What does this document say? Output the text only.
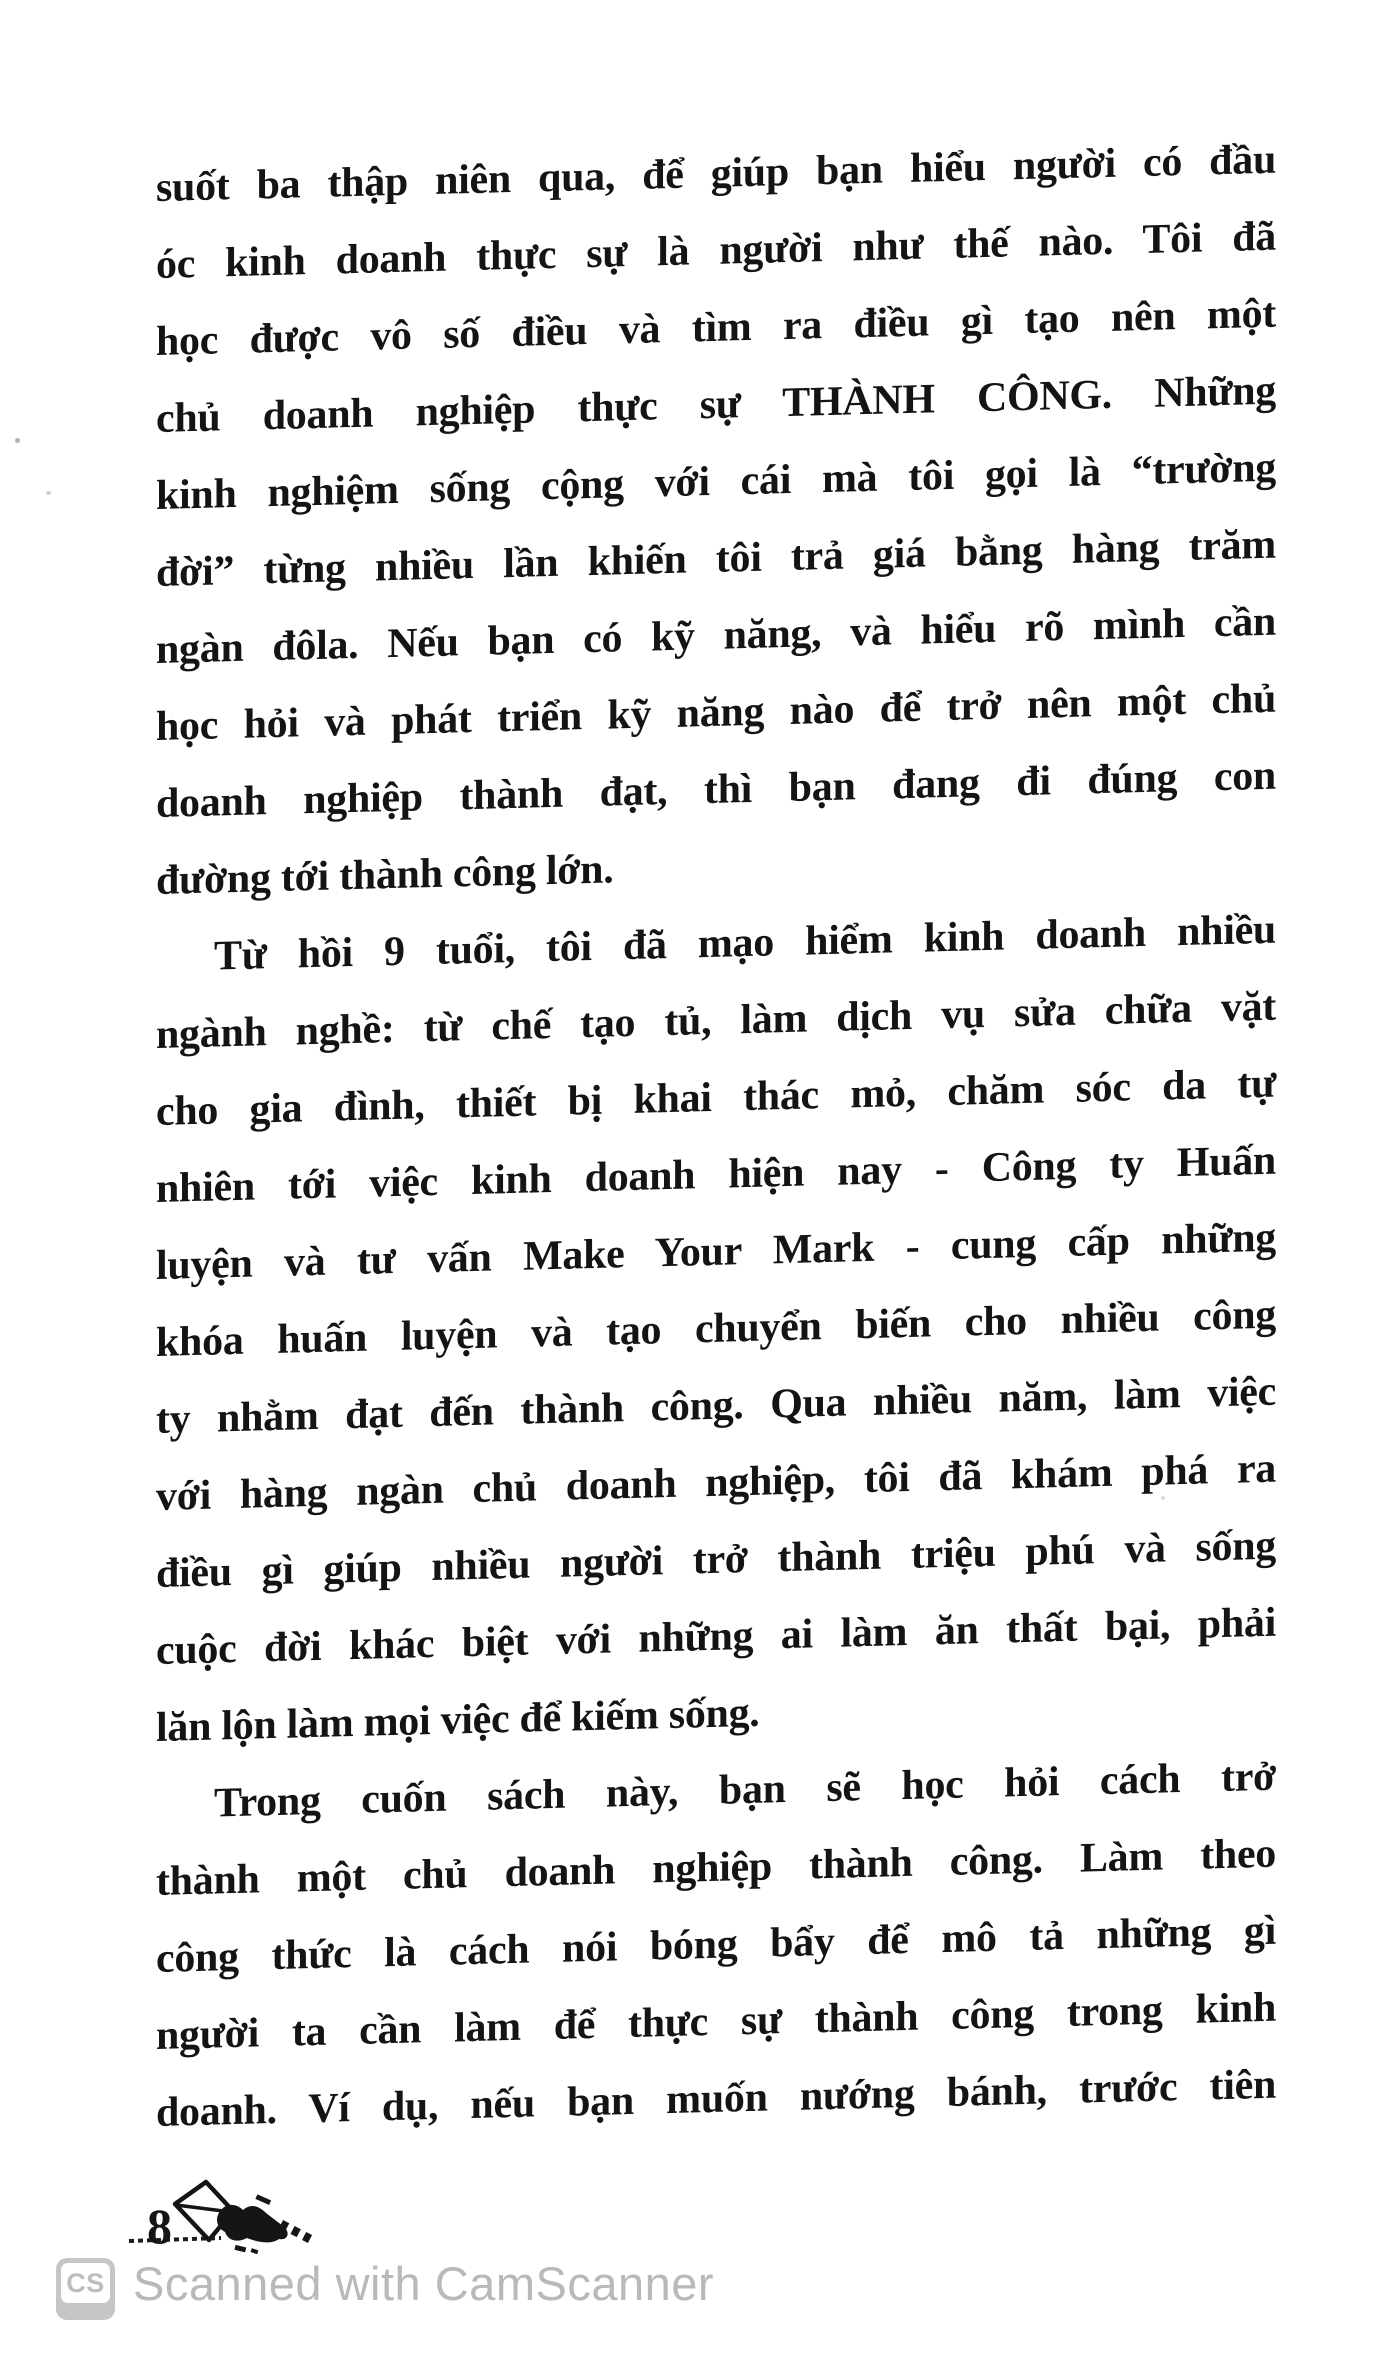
suốt ba thập niên qua, để giúp bạn hiểu người có đầu
óc kinh doanh thực sự là người như thế nào. Tôi đã
học được vô số điều và tìm ra điều gì tạo nên một
chủ doanh nghiệp thực sự THÀNH CÔNG. Những
kinh nghiệm sống cộng với cái mà tôi gọi là “trường
đời” từng nhiều lần khiến tôi trả giá bằng hàng trăm
ngàn đôla. Nếu bạn có kỹ năng, và hiểu rõ mình cần
học hỏi và phát triển kỹ năng nào để trở nên một chủ
doanh nghiệp thành đạt, thì bạn đang đi đúng con
đường tới thành công lớn.
Từ hồi 9 tuổi, tôi đã mạo hiểm kinh doanh nhiều
ngành nghề: từ chế tạo tủ, làm dịch vụ sửa chữa vặt
cho gia đình, thiết bị khai thác mỏ, chăm sóc da tự
nhiên tới việc kinh doanh hiện nay - Công ty Huấn
luyện và tư vấn Make Your Mark - cung cấp những
khóa huấn luyện và tạo chuyển biến cho nhiều công
ty nhằm đạt đến thành công. Qua nhiều năm, làm việc
với hàng ngàn chủ doanh nghiệp, tôi đã khám phá ra
điều gì giúp nhiều người trở thành triệu phú và sống
cuộc đời khác biệt với những ai làm ăn thất bại, phải
lăn lộn làm mọi việc để kiếm sống.
Trong cuốn sách này, bạn sẽ học hỏi cách trở
thành một chủ doanh nghiệp thành công. Làm theo
công thức là cách nói bóng bẩy để mô tả những gì
người ta cần làm để thực sự thành công trong kinh
doanh. Ví dụ, nếu bạn muốn nướng bánh, trước tiên
8
CS Scanned with CamScanner
